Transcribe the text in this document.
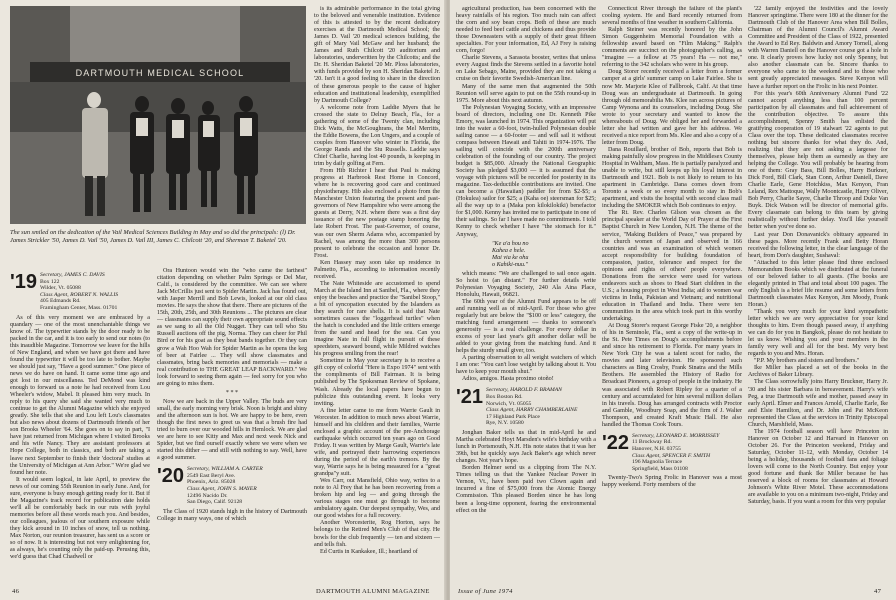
DARTMOUTH MEDICAL SCHOOL
The sun smiled on the dedication of the Vail Medical Sciences Building in May and so did the principals: (l) Dr. James Strickler '50, James D. Vail '50, James D. Vail III, James C. Chilcott '20, and Sherman T. Baketel '20.
'19 Secretary, JAMES C. DAVIS
Box 122
Wilder, Vt. 05088
Class Agent, ROBERT N. WALLIS
405 Edmands Rd.
Framingham Center, Mass. 01701

As of this very moment we are embraced by a quandary — one of the most unenchantable things we know of. The typewriter stands by the door ready to be packed in the car, and it is too early to send our notes (to this inaudible Magazine. Tomorrow we leave for the hills of New England, and when we have got there and have found the typewriter it will be too late to bother. Maybe we should just say, "Have a good summer." One piece of news we do have on hand. It came some time ago and got lost in our miscellanea. Ted DeMond was kind enough to forward us a note he had received from Lou Wheeler's widow, Mabel. It pleased him very much. In reply to his query she said she wanted very much to continue to get the Alumni Magazine which she enjoyed greatly. She tells that she and Lou left Lou's classmates but also news about dozens of Dartmouth friends of her son Brooks Wheeler '64. She goes on to say in part, "I have just returned from Michigan where I visited Brooks and his wife Nancy. They are assistant professors at Hope College, both in classics, and both are taking a leave next September to finish their 'doctoral' studies at the University of Michigan at Ann Arbor." We're glad we found her note.

It would seem logical, in late April, to preview the news of our coming 55th Reunion in early June. And, for sure, everyone is busy enough getting ready for it. But if the Magazine's track record for publication date holds we'll all be comfortably back in our ruts with joyful memories before all these words reach you. And besides, our colleagues, jealous of our southern exposure while they kick around in 10 inches of snow, tell us nothing. Max Norton, our reunion treasurer, has sent us a score or so of now. It is interesting but not very enlightening for, as always, he's counting only the paid-up. Perusing this, we'd guess that Chad Chadwell or

Ora Huntoon would win the "who came the farthest" citation depending on whether Palm Springs or Del Mar, Calif., is considered by the committee. We can see where Jack McCrillis just sent to Spider Martin. Jack has found out, with Jasper Merrill and Bob Lewis, looked at our old class movies. He says the show that there. There are pictures of the 15th, 20th, 25th, and 30th Reunions ... The pictures are clear — classmates can supply their own appropriate sound effects as we sang to all the Old Nugget. They can tell who Stu Russell auctions off the pig, Norma. They can cheer for Phil Bird or for his goat as they beat bands together. Or they can grow a Wah Hoo Wah for Spider Martin as he opens the keg of beer at Fairlee ... They will show classmates and classmates, bring back memories and memorials — make a real contribution to THE GREAT LEAP BACKWARD." We look forward to seeing them again — feel sorry for you who are going to miss them.

* * *

Now we are back in the Upper Valley. The buds are very small, the early morning very brisk. Noon is bright and shiny and the afternoon sun is hot. We are happy to be here, even though the first news to greet us was that a brush fire had tried to burn over our wooded hills in Hemlock. We are glad we are here to see Kitty and Max and next week Nick and Spider, but we find ourself exactly where we were when we started this dither — and still with nothing to say. Well, have a good summer.

'20 Secretary, WILLIAM A. CARTER
2549 East Beryl Ave.
Phoenix, Ariz. 85028
Class Agent, JOHN S. MAYER
12496 Nacido Dr.
San Diego, Calif. 92128

The Class of 1920 stands high in the history of Dartmouth College in many ways, one of which

is its admirable performance in the total giving to the beloved and venerable institution. Evidence of this is attested to by the recent dedicatory exercises at the Dartmouth Medical School; the James D. Vail '20 medical sciences building, the gift of Mary Vail McGaw and her husband; the James and Ruth Chilcott '20 auditorium and laboratories, underwritten by the Chilcotts; and the Dr. H. Sheridan Baketel '20 Mr. Ploss laboratories, with funds provided by son H. Sheridan Baketel Jr. '20. Isn't it a good feeling to share in the direction of these generous people to the cause of higher education and institutional leadership, exemplified by Dartmouth College?

A welcome note from Laddie Myers that he crossed the state to Delray Beach, Fla., for a gathering of some of the Twenty clan, including Dick Watts, the McGoughrans, the Mel Merritts, the Eddie Bowens, the Lon Ungers, and a couple of couples from Hanover who winter in Florida, the George Rands and the Stu Russells. Laddie says Chief Charlie, having lost 40 pounds, is keeping in trim by daily golfing at Fern.

From Hib Richter I hear that Paul is making progress at Harbrook Rest Home in Concord, where he is recovering good care and continued physiotherapy. Hib also enclosed a photo from the Manchester Union featuring the present and past-governors of New Hampshire who were among the guests at Derry, N.H. where there was a first day issuance of the new postage stamp honoring the late Robert Frost. The past-Governor, of course, was our own Sherm Adams who, accompanied by Rachel, was among the more than 300 persons present to celebrate the occasion and honor Dr. Frost.

Ken Hassey may soon take up residence in Palmetto, Fla., according to information recently received.

The Nate Whiteside are accustomed to spend March at the Island Inn at Sanibel, Fla., where they enjoy the beaches and practice the "Sanibel Stoop," a bit of syncopation executed by the Islanders as they search for rare shells. It is said that Nate sometimes causes the "loggerhead turtles" when the hatch is concluded and the little critters emerge from the sand and head for the sea. Can you imagine Nate in full flight in pursuit of these speedsters, seaward bound, while Mildred watches his progress smiling from the rear!

Sometime in May your secretary is to receive a gift copy of colorful "Here is Expo 1974" sent with the compliments of Bill Fairman. It is being published by The Spokesman Review of Spokane, Wash. Already the local papers have begun to publicize this outstanding event. It looks very inviting.

A fine letter came to me from Warrie Gault in Worcester. In addition to much news about Warrie, himself and his children and their families, Warrie enclosed a graphic account of the pre-Anchorage earthquake which occurred ten years ago on Good Friday. It was written by Marge Gault, Warrie's late wife, and portrayed their harrowing experiences during the period of the earth's tremors. By the way, Warrie says he is being measured for a "great grandpa"y suit.

Wes Carr, out Mansfield, Ohio way, writes to a note to Al Frey that he has been recovering from a broken hip and leg — and going through the various stages one must go through to become ambulatory again. Our deepest sympathy, Wes, and our good wishes for a full recovery.

Another Worcesterite, Rog Horton, says he belongs to the Retired Men's Club of that city. He bowls for the club frequently — ten and sixteen — and tells fish.

Ed Curtis in Kankakee, Ill.; heartland of

46	DARTMOUTH ALUMNI MAGAZINE

agricultural production, has been concerned with the heavy rainfalls of his region. Too much rain can affect the corn and soy bean crops. Both of these are much needed to feed beef cattle and chickens and thus provide those Downeasters with a supply of their great fifteen specialties. For your information, Ed, AJ Frey is raising corn, forgo!

Charlie Stevens, a Sarasota booster, writes that unless every August finds the Stevens settled in a favorite hotel on Lake Sebago, Maine, provided they are not taking a cruise on their favorite Swedish-American line.

Many of the same men that augmented the 50th Reunion will serve again to put on the 55th round-up in 1975. More about this next autumn.

The Polynesian Voyaging Society, with an impressive board of directors, including one Dr. Kenneth Pike Emory, was launched in 1974. This organization will put into the water a 60-foot, twin-hulled Polynesian double sailing canoe — a 60-footer — and will sail it without compass between Hawaii and Tahiti in 1974-1976. The sailing will coincide with the 200th anniversary celebration of the founding of our country. The project budget is $85,000. Already the National Geographic Society has pledged $3,000 — it is assumed that the voyage with pictures will be recorded for posterity in its magazine. Tax-deductible contributions are invited. One can become a (Hawaiian) paddler for from $2-$5; a (Hokulea) sailor for $25; a (Kaha oe) steersman for $25; all the way up to a (Maka pon kilokilokiki) benefactor for $1,000. Kenny has invited me to participate in one of their sailings. So far I have made no commitments. I told Kenny to check whether I have "the stomach for it." Anyway,

"Ke a'a hou no
Kahea e hele.
Mai via ke ohu
o Kahiki-nuu."

which means: "We are challenged to sail once again. So hoist to (an distant." For further details write Polynesian Voyaging Society, 240 Ala Aina Place, Honolulu, Hawaii, 96821.

The 60th year of the Alumni Fund appears to be off and running well as of mid-April. For those who give regularly but are below the "$100 or less" category, the matching fund arrangement — thanks to someone's generosity — is a real challenge. For every dollar in excess of your last year's gift another dollar will be added to your giving from the matching fund. And it helps the sturdy small giver, too.

A parting observation to all weight watchers of which I am one: "You can't lose weight by talking about it. You have to keep your mouth shut."

Adios, amigos. Hasta proximo otoño!

'21 Secretary, HAROLD F. BRAMAN
Box Boston Rd.
Norwich, Vt. 05055
Class Agent, HARRY CHAMBERLAINE
17 Highland Park Place
Rye, N.Y. 10580

Jonghan Baker tells us that in mid-April he and Martha celebrated Hoyt Marsden's wife's birthday with a lunch in Portsmouth, N.H. His note states that it was her 39th, but he quickly says Jack Baker's age which never changes. Not year's hope.

Borden Helmer send us a clipping from The N.Y. Times telling us that the Yankee Nuclear Power in Vernon, Vt., have been paid two Clown again and incurred a fine of $75,000 from the Atomic Energy Commission. This pleased Borden since he has long been a long-time opponent, fearing the environmental effect on the

Connecticut River through the failure of the plant's cooling system. He and Bard recently returned from several months of fine weather in southern California.

Ralph Steiner was recently honored by the John Simon Guggenheim Memorial Foundation with a fellowship award based on "Film Making." Ralph's comments are succinct on the photographer's calling, as "imagine — a fellow at 75 years! Ha — not me," referring to the 342 scholars who were in his group.

Doug Storer recently received a letter from a former camper at a girls' summer camp on Lake Fairlee. She is now Mr. Marjorie Klee of Fallbrook, Calif. At that time Doug was an undergraduate at Dartmouth. In going through old memorabilia Ms. Klee ran across pictures of Camp Wynona and its counselors, including Doug. She wrote to your secretary and wanted to know the whereabouts of Doug. We obliged her and forwarded a letter she had written and gave her his address. We received a nice report from Ms. Klee and also a copy of a letter from Doug.

Dana Rouillard, brother of Bob, reports that Bob is making painfully slow progress in the Middlesex County Hospital in Waltham, Mass. He is partially paralyzed and unable to write, but still keeps up his loyal interest in Dartmouth and 1921. Bob is not likely to return to his apartment in Cambridge. Dana comes down from Toronto a week or so every month to stay in Bob's apartment, and visits the hospital with second class mail including the SMOKER which Bob continues to enjoy.

The Rt. Rev. Charles Gilson was chosen as the principal speaker at the World Day of Prayer at the First Baptist Church in New London, N.H. The theme of the service, "Making Builders of Peace," was prepared by the church women of Japan and observed in 166 countries and was an examination of which women accept responsibility for building foundation of compassion, justice, tolerance and respect for the opinions and rights of others' people everywhere. Donations from the service were used for various endeavors such as shoes to Head Start children in the U.S.; a housing project in West India; aid to women war victims in India, Pakistan and Vietnam; and nutritional education in Thailand and India. There were ten communities in the area which took part in this worthy undertaking.

At Doug Storer's request George Fiske '20, a neighbor of his in Seminole, Fla., sent a copy of the write-up in the St. Pete Times on Doug's accomplishments before and since his retirement to Florida. For many years in New York City he was a talent scout for radio, the movies and later television. He sponsored such characters as Bing Crosby, Frank Sinatra and the Mills Brothers. He assembled the History of Radio for Broadcast Pioneers, a group of people in the industry. He was associated with Robert Ripley for a quarter of a century and accumulated for him several million dollars in his travels. Doug has arranged contracts with Proctor and Gamble, Woodbury Soap, and the firm of J. Walter Thompson, and created Kraft Music Hall. He also handled the Thomas Cook Tours.

'22 Secretary, LEONARD E. MORRISSEY
11 Brockway Rd.
Hanover, N.H. 03755
Class Agent, SPENCER F. SMITH
196 Magnolia Terrace
Springfield, Mass 01108

Twenty-Two's Spring Frolic in Hanover was a most happy weekend. Forty members of the

'22 family enjoyed the festivities and the lovely Hanover springtime. There were 180 at the dinner for the Dartmouth Club of the Hanover Area when Bill Bolles, Chairman of the Alumni Council's Alumni Award Committee and President of the Class of 1922, presented the Award to Ed Rey. Baldwin and Amory Tornell, along with Warren Daniell on the Hanover course got a hole in one. It clearly proves how lucky not only Spenny, but also another classmate can be. Sincere thanks to everyone who came to the weekend and to those who sent greatly appreciated messages. Steve Kenyon will have a further report on the Frolic in his next Pointer.

For this year's 60th Anniversary Alumni Fund '22 cannot accept anything less than 100 percent participation by all classmates and full achievement of the contribution objective. To assure this accomplishment, Spenny Smith has enlisted the gratifying cooperation of 19 stalwart '22 agents to put Class over the top. These dedicated classmates receive nothing but sincere thanks for what they do. And, realizing that they are not asking a largesse for themselves, please help them as earnestly as they are helping the College. You will probably be hearing from one of them: Gray Bass, Bill Bolles, Harry Burkner, Dick Ford, Bill Clark, Stan Conn, Arthur Daniell, Dave Charlie Earle, Gene Hotchkiss, Max Kenyon, Fran Leland, Rex Mattoque, Wally Moontcastle, Harry Oliver, Bob Perry, Charlie Sayre, Charlie Throop and Duke Van Buyk. Dick Watson will be director of memorial gifts. Every classmate can belong to this team by giving realistically without further delay. You'll like yourself better when you've done so.

Last year Don Donavanick's obituary appeared in these pages. More recently Frank and Betty Horan received the following letter, in the clear language of the heart, from Don's daughter, Sushaval:

"Attached to this letter please find three enclosed Memorandum Books which we distributed at the funeral of our beloved father to all guests. (The books are elegantly printed in Thai and total about 100 pages. The only English is a brief life resume and some letters from Dartmouth classmates Max Kenyon, Jim Moody, Frank Horan.)

"Thank you very much for your kind sympathetic letter which we are very appreciative for your kind thoughts to him. Even though passed away, if anything we can do for you in Bangkok, please do not hesitate to let us know. Wishing you and your members in the family very well and all for the best. My very best regards to you and Mrs. Horan.

"P.P. My brothers and sisters and brothers."

Ike Miller has placed a set of the books in the Archives of Baker Library.

The Class sorrowfully joins Harry Bruckner, Harry Jr. '30 and his sister Barbara in bereavement. Harry's wife Peg, a true Dartmouth wife and mother, passed away in early April. Elmer and Frances Arnold, Charlie Earle, Ike and Elsie Hamilton, and Dr. John and Pat McKeon represented the Class at the services in Trinity Episcopal Church, Marshfield, Mass.

The 1974 football season will have Princeton in Hanover on October 12 and Harvard in Hanover on October 26. For the Princeton weekend, Friday and Saturday, October 11-12, with Monday, October 14 being a holiday, thousands of football fans and foliage lovers will come to the North Country. But enjoy your good fortune and thank Ike Miller because he has reserved a block of rooms for classmates at Howard Johnson's White River Motel. These accommodations are available to you on a minimum two-night, Friday and Saturday, basis. If you want a room for this very popular

Issue of June 1974	47
